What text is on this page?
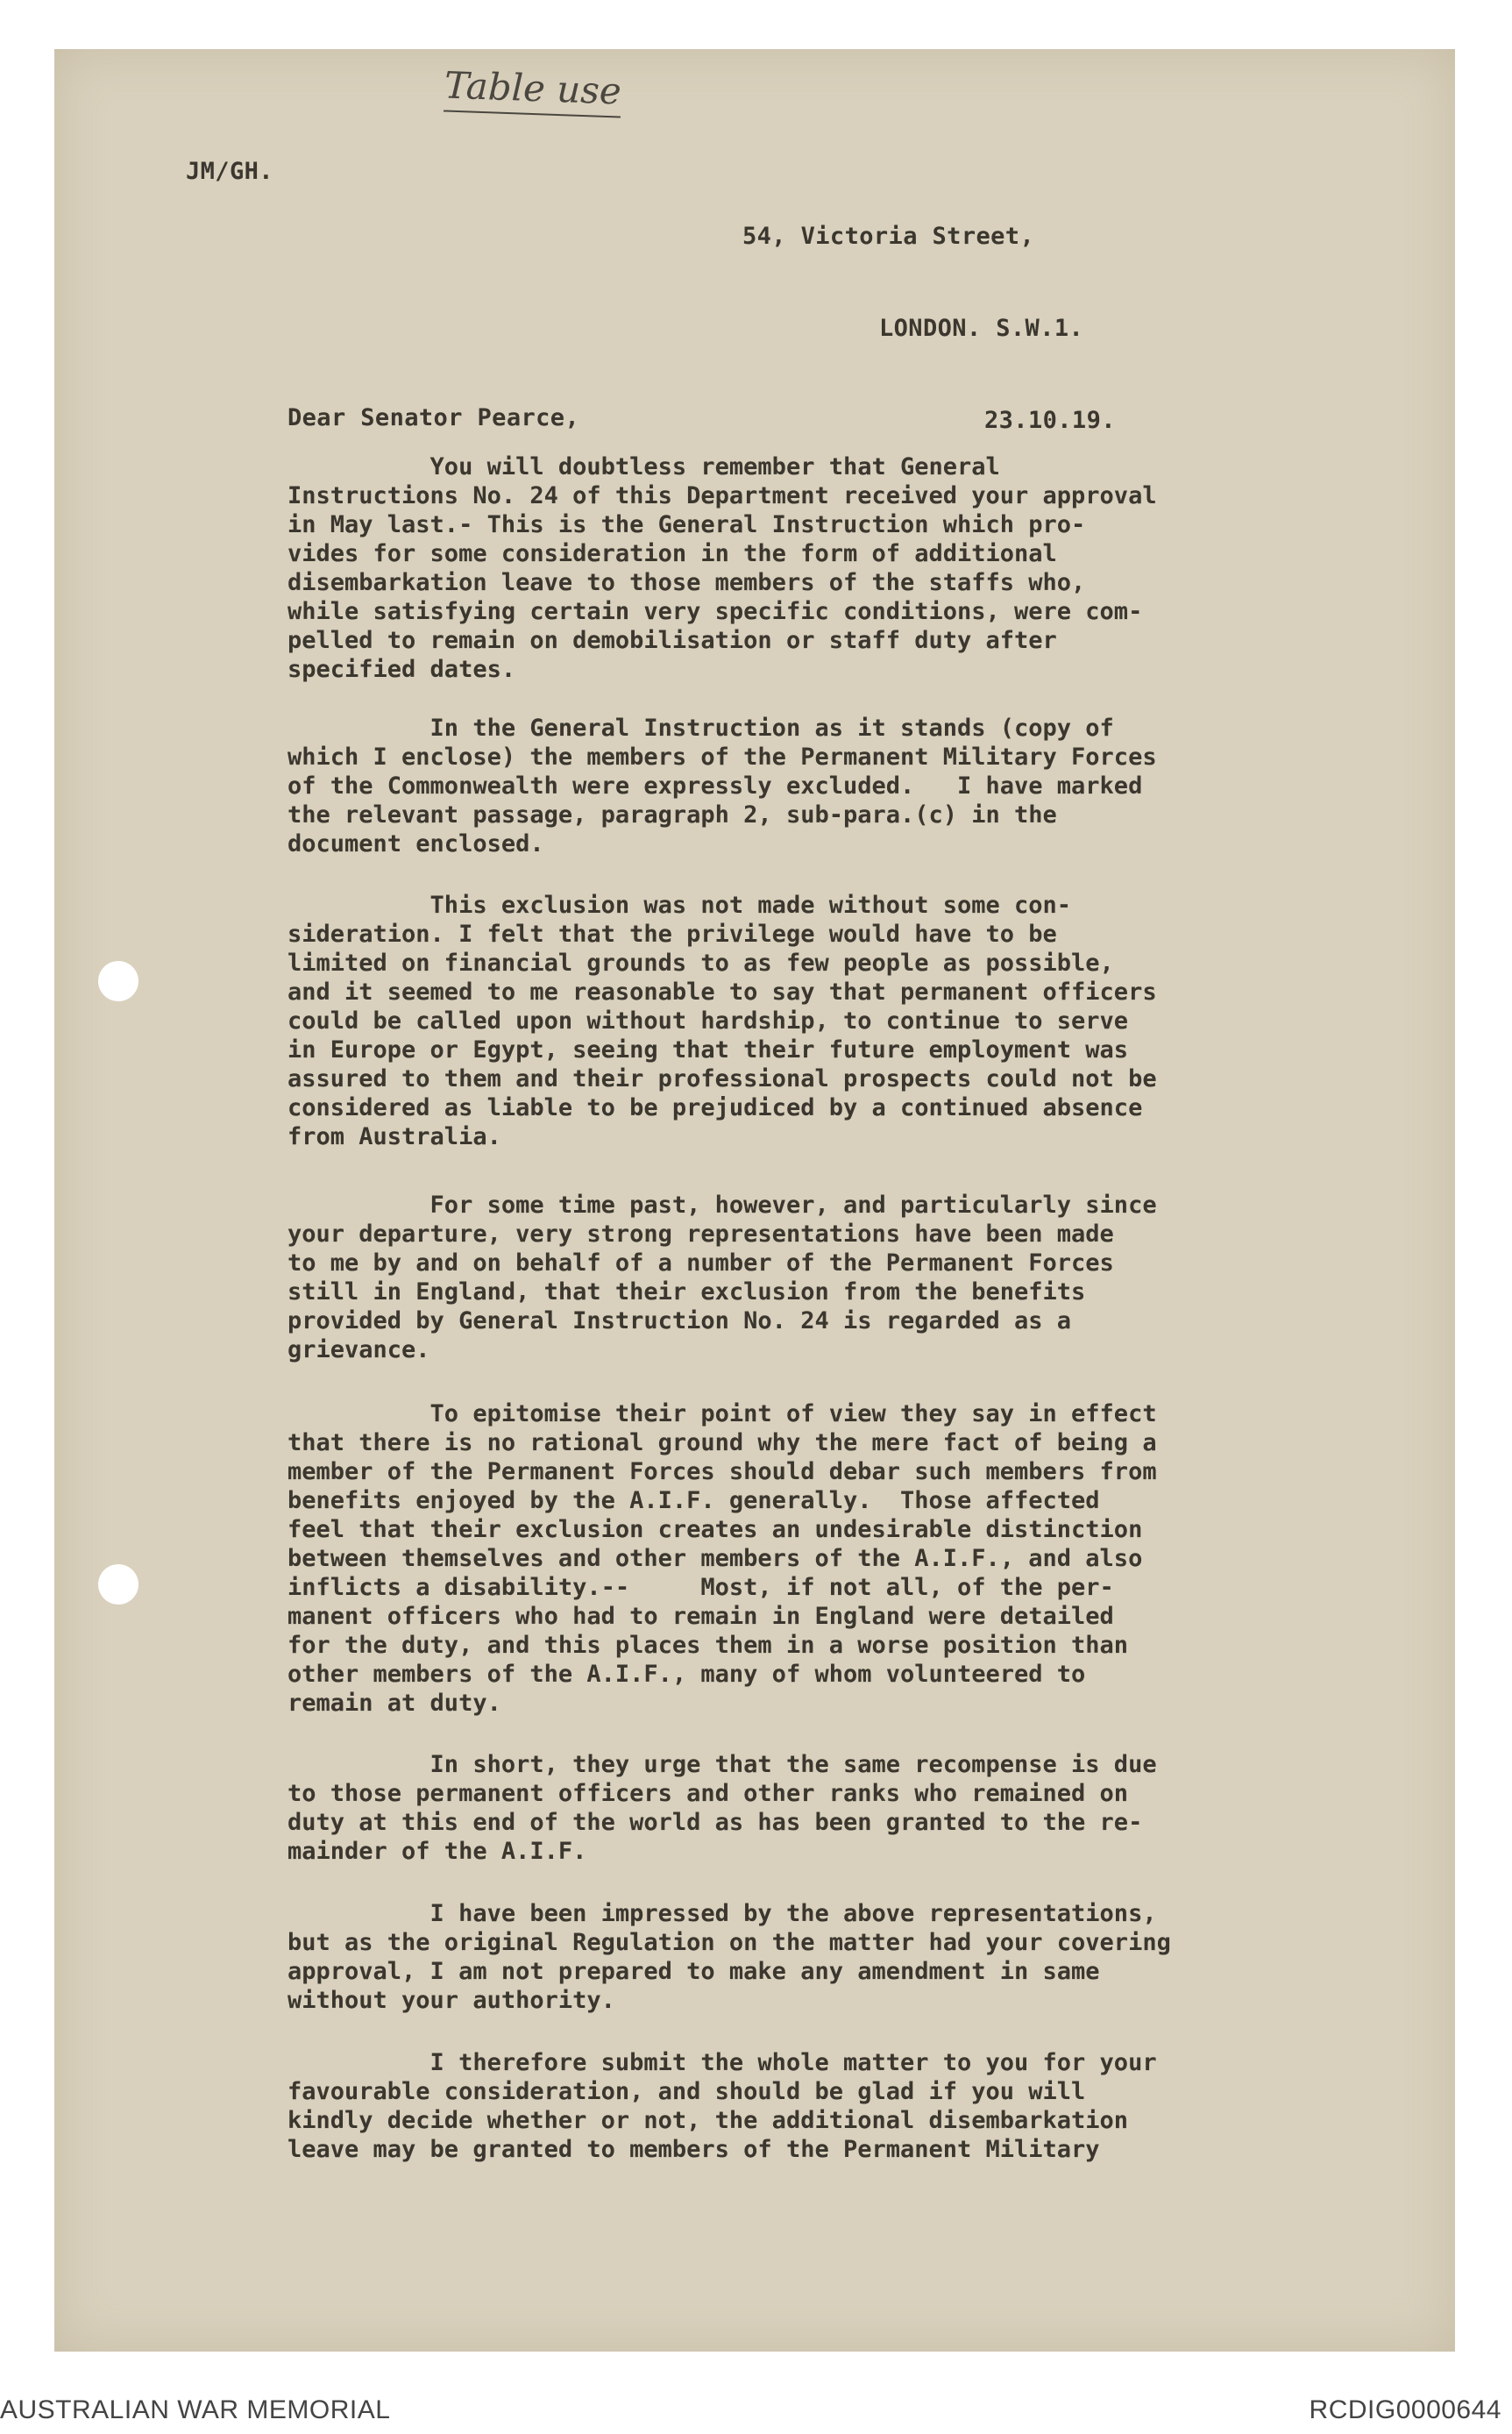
Table use
JM/GH.

54, Victoria Street,

LONDON. S.W.1.

23.10.19.

Dear Senator Pearce,
You will doubtless remember that General
Instructions No. 24 of this Department received your approval
in May last.- This is the General Instruction which pro-
vides for some consideration in the form of additional
disembarkation leave to those members of the staffs who,
while satisfying certain very specific conditions, were com-
pelled to remain on demobilisation or staff duty after
specified dates.
In the General Instruction as it stands (copy of
which I enclose) the members of the Permanent Military Forces
of the Commonwealth were expressly excluded.   I have marked
the relevant passage, paragraph 2, sub-para.(c) in the
document enclosed.
This exclusion was not made without some con-
sideration. I felt that the privilege would have to be
limited on financial grounds to as few people as possible,
and it seemed to me reasonable to say that permanent officers
could be called upon without hardship, to continue to serve
in Europe or Egypt, seeing that their future employment was
assured to them and their professional prospects could not be
considered as liable to be prejudiced by a continued absence
from Australia.
For some time past, however, and particularly since
your departure, very strong representations have been made
to me by and on behalf of a number of the Permanent Forces
still in England, that their exclusion from the benefits
provided by General Instruction No. 24 is regarded as a
grievance.
To epitomise their point of view they say in effect
that there is no rational ground why the mere fact of being a
member of the Permanent Forces should debar such members from
benefits enjoyed by the A.I.F. generally.  Those affected
feel that their exclusion creates an undesirable distinction
between themselves and other members of the A.I.F., and also
inflicts a disability.--     Most, if not all, of the per-
manent officers who had to remain in England were detailed
for the duty, and this places them in a worse position than
other members of the A.I.F., many of whom volunteered to
remain at duty.
In short, they urge that the same recompense is due
to those permanent officers and other ranks who remained on
duty at this end of the world as has been granted to the re-
mainder of the A.I.F.
I have been impressed by the above representations,
but as the original Regulation on the matter had your covering
approval, I am not prepared to make any amendment in same
without your authority.
I therefore submit the whole matter to you for your
favourable consideration, and should be glad if you will
kindly decide whether or not, the additional disembarkation
leave may be granted to members of the Permanent Military
AUSTRALIAN WAR MEMORIAL	RCDIG0000644
